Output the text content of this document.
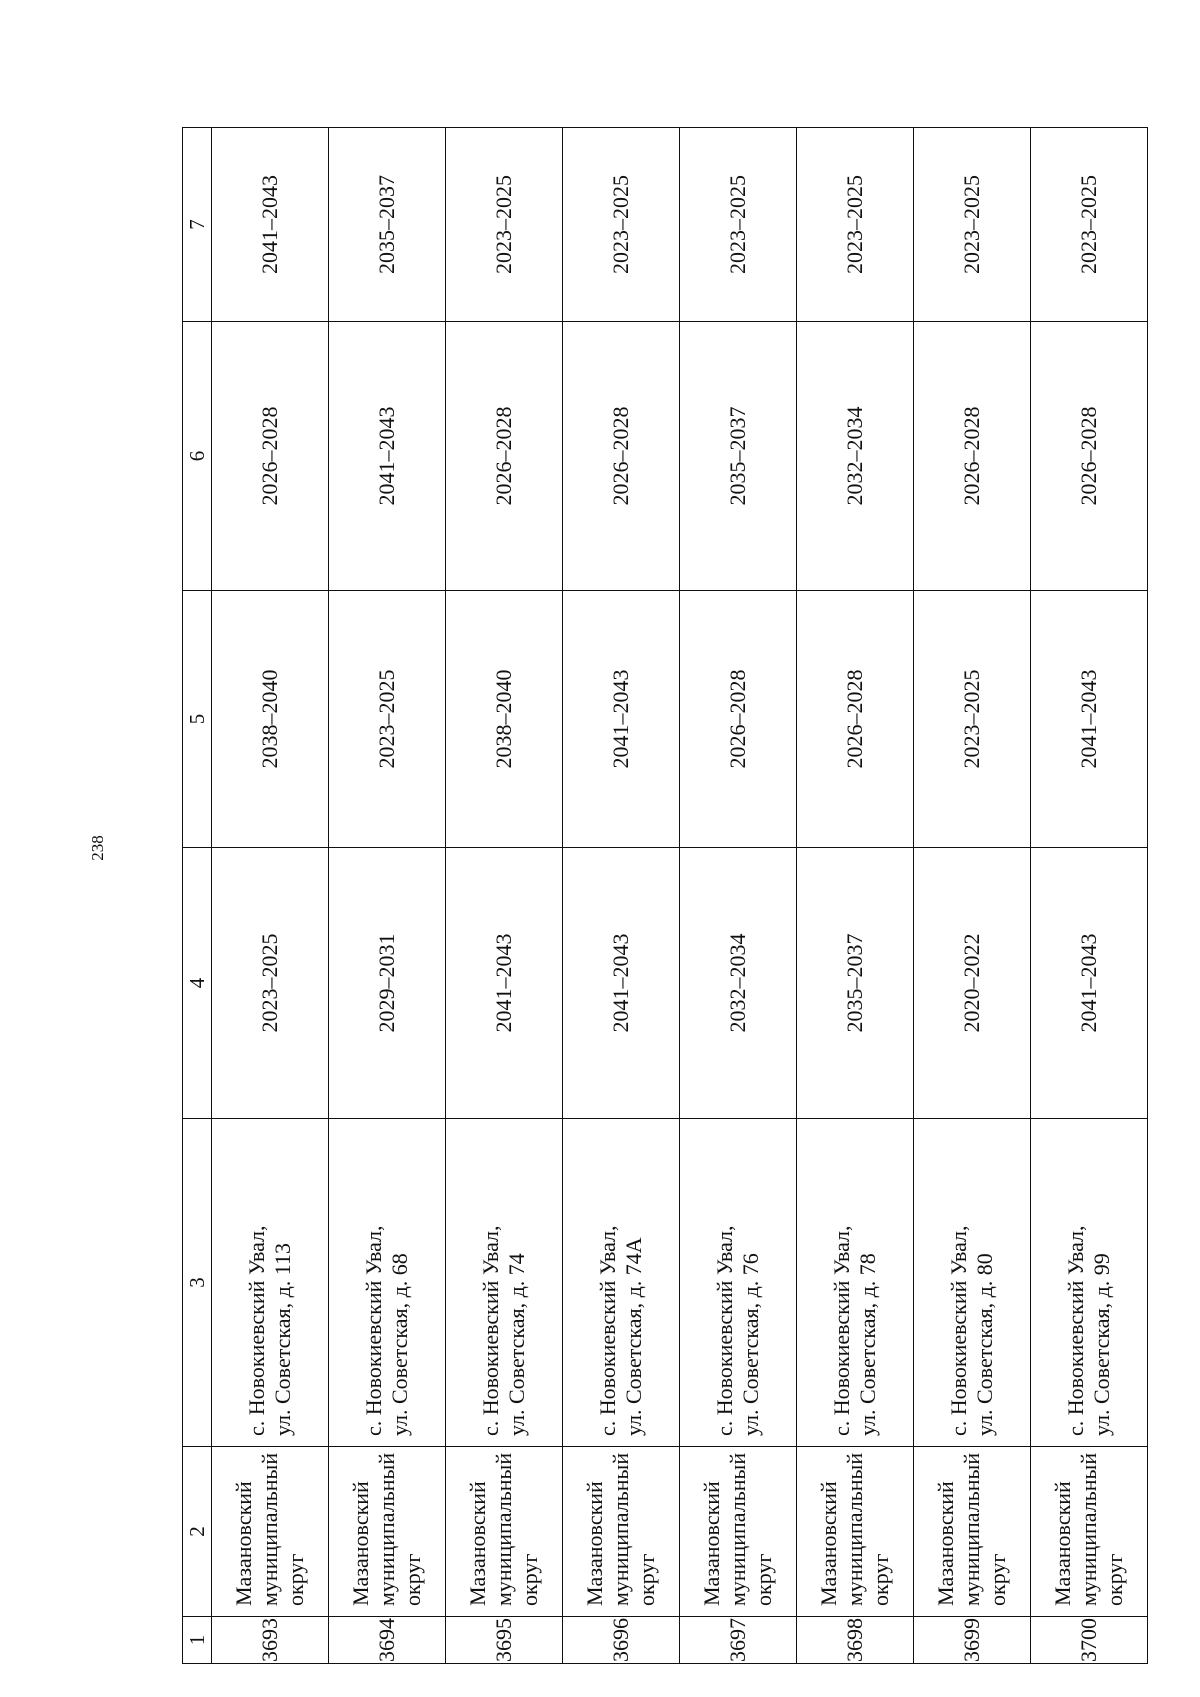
238
1	2	3	4	5	6	7
3693	Мазановский
муниципальный
округ	с. Новокиевский Увал,
ул. Советская, д. 113	2023–2025	2038–2040	2026–2028	2041–2043
3694	Мазановский
муниципальный
округ	с. Новокиевский Увал,
ул. Советская, д. 68	2029–2031	2023–2025	2041–2043	2035–2037
3695	Мазановский
муниципальный
округ	с. Новокиевский Увал,
ул. Советская, д. 74	2041–2043	2038–2040	2026–2028	2023–2025
3696	Мазановский
муниципальный
округ	с. Новокиевский Увал,
ул. Советская, д. 74А	2041–2043	2041–2043	2026–2028	2023–2025
3697	Мазановский
муниципальный
округ	с. Новокиевский Увал,
ул. Советская, д. 76	2032–2034	2026–2028	2035–2037	2023–2025
3698	Мазановский
муниципальный
округ	с. Новокиевский Увал,
ул. Советская, д. 78	2035–2037	2026–2028	2032–2034	2023–2025
3699	Мазановский
муниципальный
округ	с. Новокиевский Увал,
ул. Советская, д. 80	2020–2022	2023–2025	2026–2028	2023–2025
3700	Мазановский
муниципальный
округ	с. Новокиевский Увал,
ул. Советская, д. 99	2041–2043	2041–2043	2026–2028	2023–2025
